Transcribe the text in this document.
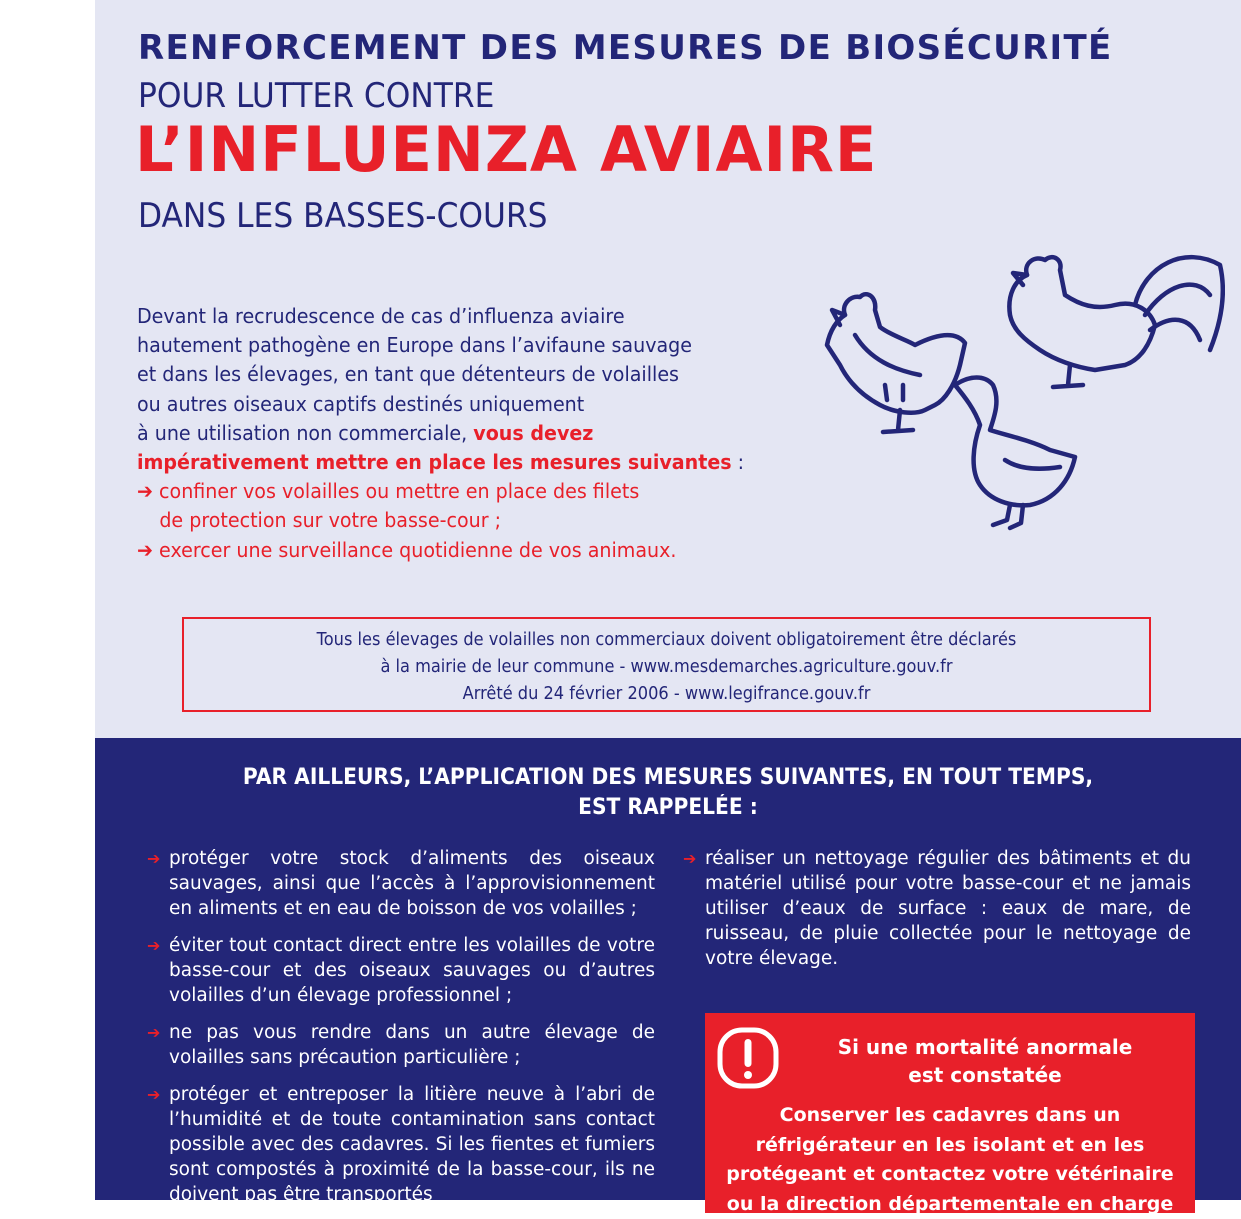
RENFORCEMENT DES MESURES DE BIOSÉCURITÉ
POUR LUTTER CONTRE
L’INFLUENZA AVIAIRE
DANS LES BASSES-COURS
Devant la recrudescence de cas d’influenza aviaire
hautement pathogène en Europe dans l’avifaune sauvage
et dans les élevages, en tant que détenteurs de volailles
ou autres oiseaux captifs destinés uniquement
à une utilisation non commerciale, vous devez
impérativement mettre en place les mesures suivantes :
➔ confiner vos volailles ou mettre en place des filets
de protection sur votre basse-cour ;
➔ exercer une surveillance quotidienne de vos animaux.
Tous les élevages de volailles non commerciaux doivent obligatoirement être déclarés
à la mairie de leur commune - www.mesdemarches.agriculture.gouv.fr
Arrêté du 24 février 2006 - www.legifrance.gouv.fr
PAR AILLEURS, L’APPLICATION DES MESURES SUIVANTES, EN TOUT TEMPS,
EST RAPPELÉE :
➔ protéger votre stock d’aliments des oiseaux sauvages, ainsi que l’accès à l’approvisionnement en aliments et en eau de boisson de vos volailles ;
➔ éviter tout contact direct entre les volailles de votre basse-cour et des oiseaux sauvages ou d’autres volailles d’un élevage professionnel ;
➔ ne pas vous rendre dans un autre élevage de volailles sans précaution particulière ;
➔ protéger et entreposer la litière neuve à l’abri de l’humidité et de toute contamination sans contact possible avec des cadavres. Si les fientes et fumiers sont compostés à proximité de la basse-cour, ils ne doivent pas être transportés
➔ réaliser un nettoyage régulier des bâtiments et du matériel utilisé pour votre basse-cour et ne jamais utiliser d’eaux de surface : eaux de mare, de ruisseau, de pluie collectée pour le nettoyage de votre élevage.
Si une mortalité anormale
est constatée
Conserver les cadavres dans un
réfrigérateur en les isolant et en les
protégeant et contactez votre vétérinaire
ou la direction départementale en charge
